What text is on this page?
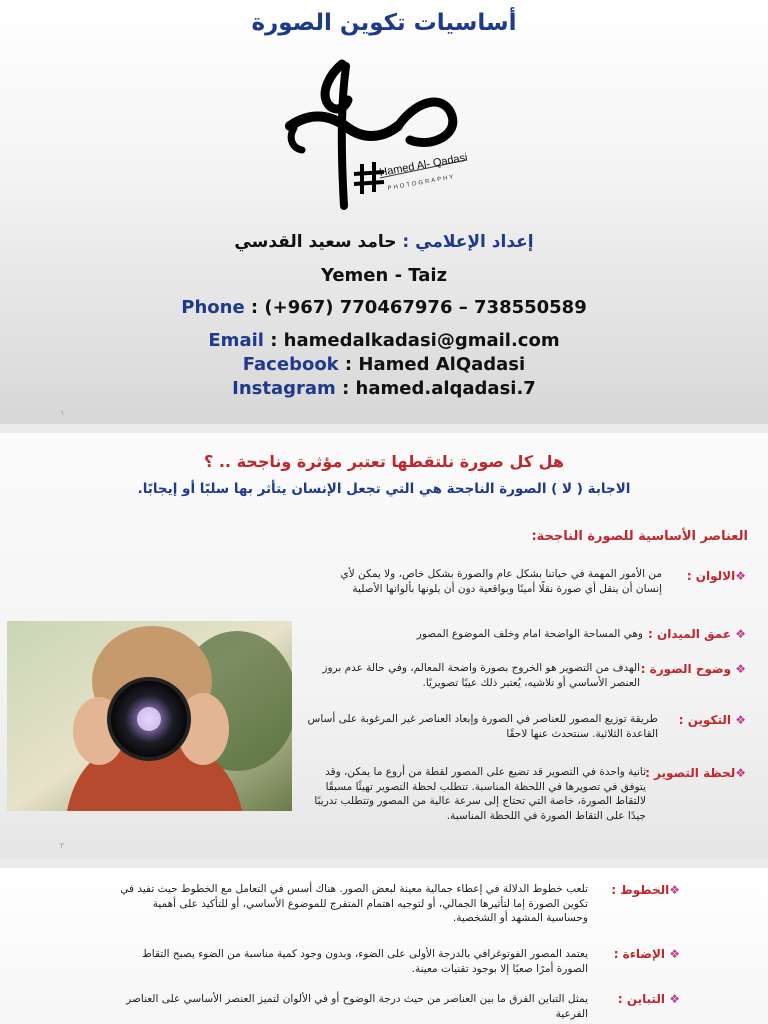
أساسيات تكوين الصورة
Hamed Al- Qadasi
PHOTOGRAPHY
إعداد الإعلامي : حامد سعيد القدسي
Yemen - Taiz
Phone : (+967) 770467976 – 738550589
Email : hamedalkadasi@gmail.com
Facebook : Hamed AlQadasi
Instagram : hamed.alqadasi.7
١
هل كل صورة نلتقطها تعتبر مؤثرة وناجحة .. ؟
الاجابة ( لا ) الصورة الناجحة هي التي تجعل الإنسان يتأثر بها سلبًا أو إيجابًا.
العناصر الأساسية للصورة الناجحة:
❖الالوان :
من الأمور المهمة في حياتنا بشكل عام والصورة بشكل خاص، ولا يمكن لأي إنسان أن ينقل أي صورة نقلًا أمينًا وبواقعية دون أن يلونها بألوانها الأصلية
❖ عمق الميدان :
وهي المساحة الواضحة امام وخلف الموضوع المصور
❖ وضوح الصورة :
الهدف من التصوير هو الخروج بصورة واضحة المعالم، وفي حالة عدم بروز العنصر الأساسي أو تلاشيه، يُعتبر ذلك عيبًا تصويريًا.
❖ التكوين :
طريقة توزيع المصور للعناصر في الصورة وإبعاد العناصر غير المرغوبة على أساس القاعدة الثلاثية. سنتحدث عنها لاحقًا
❖لحظة التصوير :
ثانية واحدة في التصوير قد تضيع على المصور لقطة من أروع ما يمكن، وقد يتوفق في تصويرها في اللحظة المناسبة. تتطلب لحظة التصوير تهيئًا مسبقًا لالتقاط الصورة، خاصة التي تحتاج إلى سرعة عالية من المصور وتتطلب تدريبًا جيدًا على التقاط الصورة في اللحظة المناسبة.
٢
❖الخطوط :
تلعب خطوط الدلالة في إعطاء جمالية معينة لبعض الصور. هناك أسس في التعامل مع الخطوط حيث تفيد في تكوين الصورة إما لتأثيرها الجمالي، أو لتوجيه اهتمام المتفرج للموضوع الأساسي، أو للتأكيد على أهمية وحساسية المشهد أو الشخصية.
❖ الإضاءة :
يعتمد المصور الفوتوغرافي بالدرجة الأولى على الضوء، وبدون وجود كمية مناسبة من الضوء يصبح التقاط الصورة أمرًا صعبًا إلا بوجود تقنيات معينة.
❖ التباين :
يمثل التباين الفرق ما بين العناصر من حيث درجة الوضوح أو في الألوان لتميز العنصر الأساسي على العناصر الفرعية
